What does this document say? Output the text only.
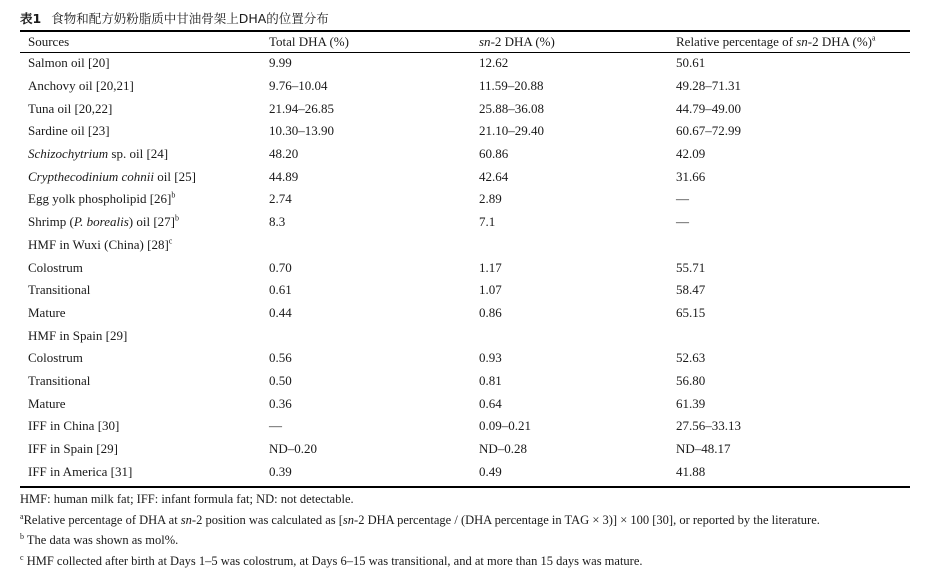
表1 食物和配方奶粉脂质中甘油骨架上DHA的位置分布
Sources	Total DHA (%)	sn-2 DHA (%)	Relative percentage of sn-2 DHA (%)$^a$
Salmon oil [20]	9.99	12.62	50.61
Anchovy oil [20,21]	9.76–10.04	11.59–20.88	49.28–71.31
Tuna oil [20,22]	21.94–26.85	25.88–36.08	44.79–49.00
Sardine oil [23]	10.30–13.90	21.10–29.40	60.67–72.99
Schizochytrium sp. oil [24]	48.20	60.86	42.09
Crypthecodinium cohnii oil [25]	44.89	42.64	31.66
Egg yolk phospholipid $[26]^b$	2.74	2.89	—
Shrimp (P. borealis) oil $[27]^b$	8.3	7.1	—
HMF in Wuxi (China) $[28]^c$			
Colostrum	0.70	1.17	55.71
Transitional	0.61	1.07	58.47
Mature	0.44	0.86	65.15
HMF in Spain [29]			
Colostrum	0.56	0.93	52.63
Transitional	0.50	0.81	56.80
Mature	0.36	0.64	61.39
IFF in China [30]	—	0.09–0.21	27.56–33.13
IFF in Spain [29]	ND–0.20	ND–0.28	ND–48.17
IFF in America [31]	0.39	0.49	41.88
HMF: human milk fat; IFF: infant formula fat; ND: not detectable.
$^a$Relative percentage of DHA at sn-2 position was calculated as [sn-2 DHA percentage / (DHA percentage in TAG × 3)] × 100 [30], or reported by the literature.
$^b$ The data was shown as mol%.
$^c$ HMF collected after birth at Days 1–5 was colostrum, at Days 6–15 was transitional, and at more than 15 days was mature.
